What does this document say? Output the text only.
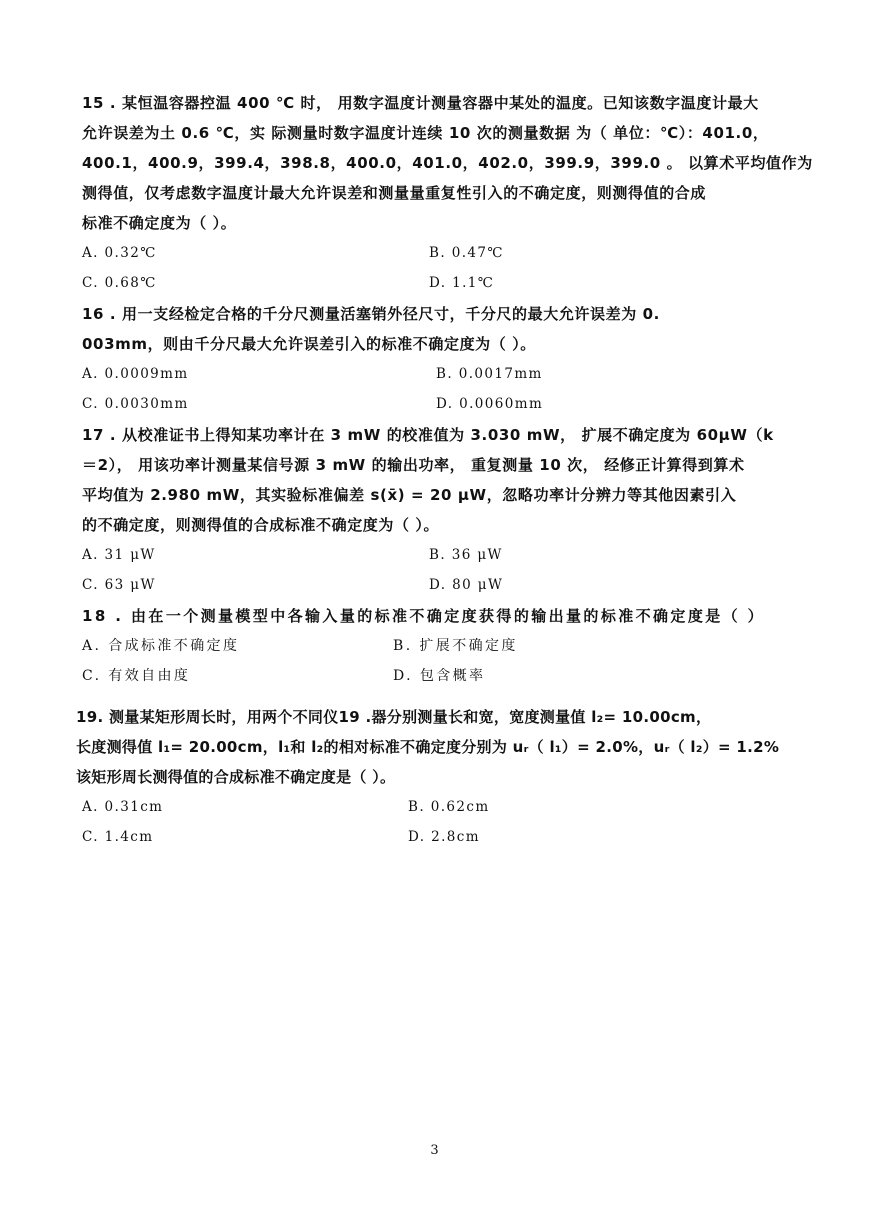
15 . 某恒温容器控温 400 ℃ 时， 用数字温度计测量容器中某处的温度。已知该数字温度计最大
允许误差为土 0.6 ℃，实 际测量时数字温度计连续 10 次的测量数据 为（ 单位：℃）：401.0，
400.1，400.9，399.4，398.8，400.0，401.0，402.0，399.9，399.0 。 以算术平均值作为
测得值，仅考虑数字温度计最大允许误差和测量量重复性引入的不确定度，则测得值的合成
标准不确定度为（ ）。
A. 0.32℃	B. 0.47℃
C. 0.68℃	D. 1.1℃
16 . 用一支经检定合格的千分尺测量活塞销外径尺寸，千分尺的最大允许误差为 0.
003mm，则由千分尺最大允许误差引入的标准不确定度为（ ）。
A. 0.0009mm	B. 0.0017mm
C. 0.0030mm	D. 0.0060mm
17 . 从校准证书上得知某功率计在 3 mW 的校准值为 3.030 mW， 扩展不确定度为 60μW（k
＝2）， 用该功率计测量某信号源 3 mW 的输出功率， 重复测量 10 次， 经修正计算得到算术
平均值为 2.980 mW，其实验标准偏差 s(x̄) = 20 μW，忽略功率计分辨力等其他因素引入
的不确定度，则测得值的合成标准不确定度为（ ）。
A. 31 μW	B. 36 μW
C. 63 μW	D. 80 μW
18 . 由在一个测量模型中各输入量的标准不确定度获得的输出量的标准不确定度是（ ）
A. 合成标准不确定度	B. 扩展不确定度
C. 有效自由度	D. 包含概率
19. 测量某矩形周长时，用两个不同仪19 .器分别测量长和宽，宽度测量值 l₂= 10.00cm，
长度测得值 l₁= 20.00cm，l₁和 l₂的相对标准不确定度分别为 uᵣ（ l₁）= 2.0%，uᵣ（ l₂）= 1.2%
该矩形周长测得值的合成标准不确定度是（ ）。
A. 0.31cm	B. 0.62cm
C. 1.4cm	D. 2.8cm
3
